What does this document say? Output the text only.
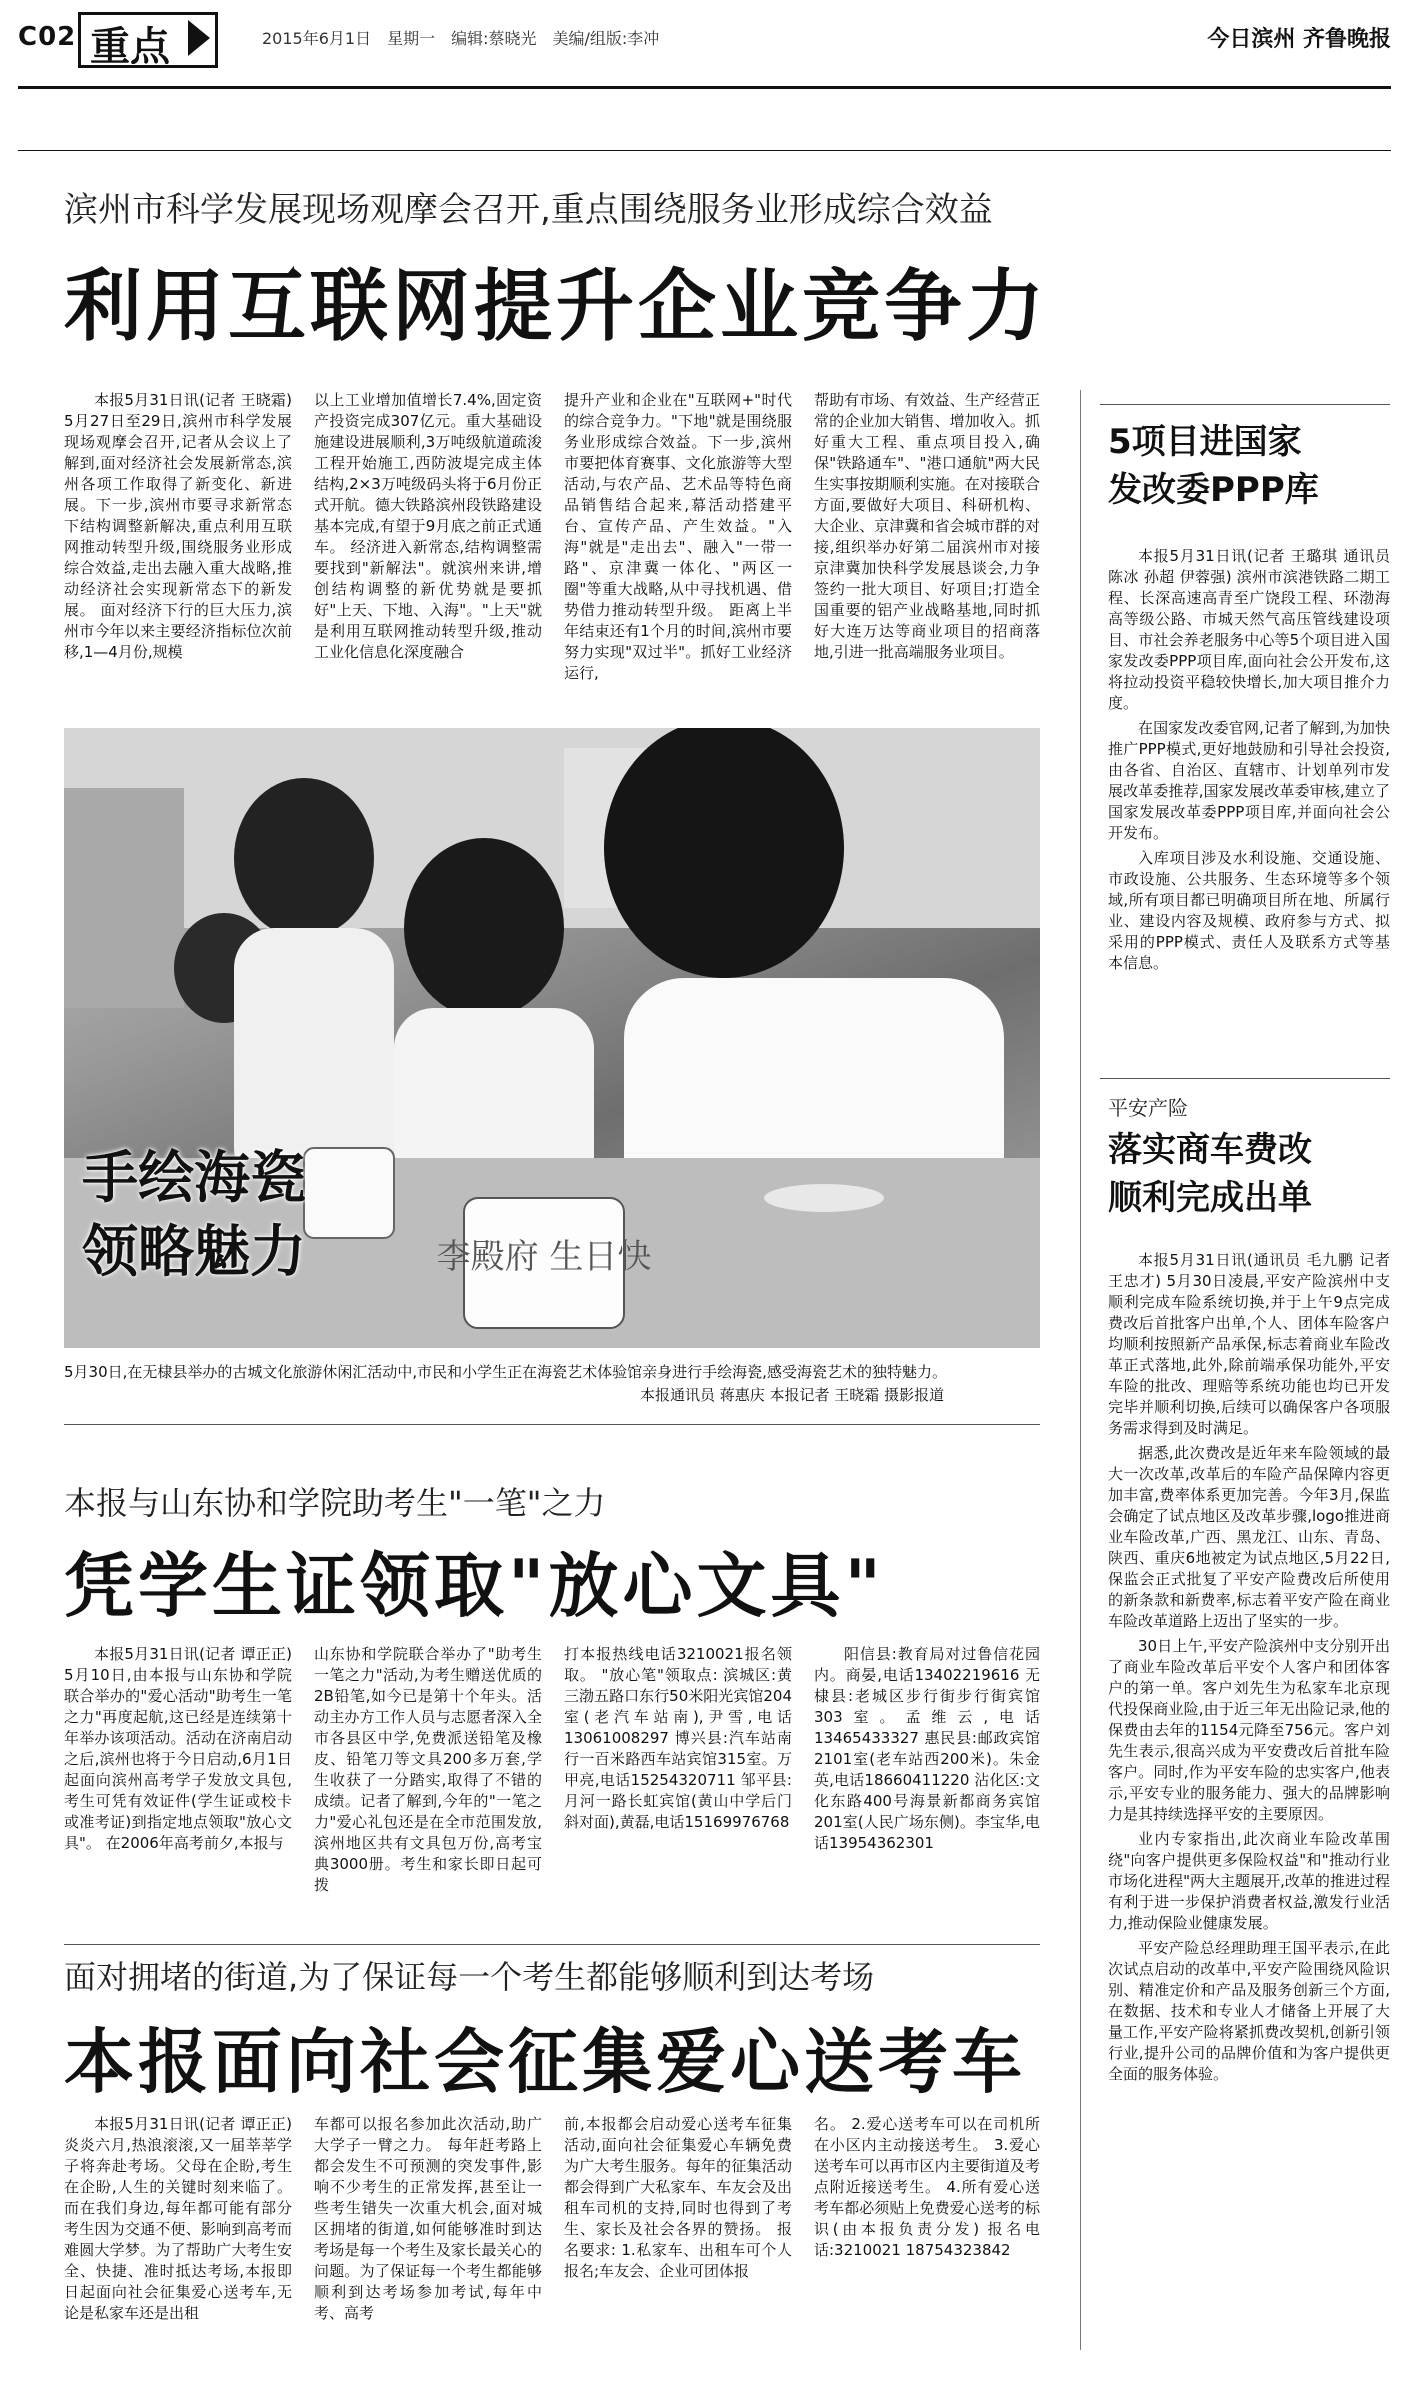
C02 重点	2015年6月1日　星期一　编辑:蔡晓光　美编/组版:李冲	今日滨州 齐鲁晚报
滨州市科学发展现场观摩会召开,重点围绕服务业形成综合效益
利用互联网提升企业竞争力

本报5月31日讯(记者 王晓霜) 5月27日至29日,滨州市科学发展现场观摩会召开,记者从会议上了解到,面对经济社会发展新常态,滨州各项工作取得了新变化、新进展。下一步,滨州市要寻求新常态下结构调整新解决,重点利用互联网推动转型升级,围绕服务业形成综合效益,走出去融入重大战略,推动经济社会实现新常态下的新发展。 面对经济下行的巨大压力,滨州市今年以来主要经济指标位次前移,1—4月份,规模

以上工业增加值增长7.4%,固定资产投资完成307亿元。重大基础设施建设进展顺利,3万吨级航道疏浚工程开始施工,西防波堤完成主体结构,2×3万吨级码头将于6月份正式开航。德大铁路滨州段铁路建设基本完成,有望于9月底之前正式通车。 经济进入新常态,结构调整需要找到"新解法"。就滨州来讲,增创结构调整的新优势就是要抓好"上天、下地、入海"。"上天"就是利用互联网推动转型升级,推动工业化信息化深度融合

提升产业和企业在"互联网+"时代的综合竞争力。"下地"就是围绕服务业形成综合效益。下一步,滨州市要把体育赛事、文化旅游等大型活动,与农产品、艺术品等特色商品销售结合起来,幕活动搭建平台、宣传产品、产生效益。"入海"就是"走出去"、融入"一带一路"、京津冀一体化、"两区一圈"等重大战略,从中寻找机遇、借势借力推动转型升级。 距离上半年结束还有1个月的时间,滨州市要努力实现"双过半"。抓好工业经济运行,

帮助有市场、有效益、生产经营正常的企业加大销售、增加收入。抓好重大工程、重点项目投入,确保"铁路通车"、"港口通航"两大民生实事按期顺利实施。在对接联合方面,要做好大项目、科研机构、大企业、京津冀和省会城市群的对接,组织举办好第二届滨州市对接京津冀加快科学发展恳谈会,力争签约一批大项目、好项目;打造全国重要的铝产业战略基地,同时抓好大连万达等商业项目的招商落地,引进一批高端服务业项目。

李殿府 生日快
手绘海瓷
领略魅力
5月30日,在无棣县举办的古城文化旅游休闲汇活动中,市民和小学生正在海瓷艺术体验馆亲身进行手绘海瓷,感受海瓷艺术的独特魅力。
本报通讯员 蒋惠庆 本报记者 王晓霜 摄影报道
5项目进国家
发改委PPP库

本报5月31日讯(记者 王璐琪 通讯员 陈冰 孙超 伊蓉强) 滨州市滨港铁路二期工程、长深高速高青至广饶段工程、环渤海高等级公路、市城天然气高压管线建设项目、市社会养老服务中心等5个项目进入国家发改委PPP项目库,面向社会公开发布,这将拉动投资平稳较快增长,加大项目推介力度。

在国家发改委官网,记者了解到,为加快推广PPP模式,更好地鼓励和引导社会投资,由各省、自治区、直辖市、计划单列市发展改革委推荐,国家发展改革委审核,建立了国家发展改革委PPP项目库,并面向社会公开发布。

入库项目涉及水利设施、交通设施、市政设施、公共服务、生态环境等多个领域,所有项目都已明确项目所在地、所属行业、建设内容及规模、政府参与方式、拟采用的PPP模式、责任人及联系方式等基本信息。

平安产险
落实商车费改
顺利完成出单

本报5月31日讯(通讯员 毛九鹏 记者 王忠才) 5月30日凌晨,平安产险滨州中支顺利完成车险系统切换,并于上午9点完成费改后首批客户出单,个人、团体车险客户均顺利按照新产品承保,标志着商业车险改革正式落地,此外,除前端承保功能外,平安车险的批改、理赔等系统功能也均已开发完毕并顺利切换,后续可以确保客户各项服务需求得到及时满足。

据悉,此次费改是近年来车险领域的最大一次改革,改革后的车险产品保障内容更加丰富,费率体系更加完善。今年3月,保监会确定了试点地区及改革步骤,logo推进商业车险改革,广西、黑龙江、山东、青岛、陕西、重庆6地被定为试点地区,5月22日,保监会正式批复了平安产险费改后所使用的新条款和新费率,标志着平安产险在商业车险改革道路上迈出了坚实的一步。

30日上午,平安产险滨州中支分别开出了商业车险改革后平安个人客户和团体客户的第一单。客户刘先生为私家车北京现代投保商业险,由于近三年无出险记录,他的保费由去年的1154元降至756元。客户刘先生表示,很高兴成为平安费改后首批车险客户。同时,作为平安车险的忠实客户,他表示,平安专业的服务能力、强大的品牌影响力是其持续选择平安的主要原因。

业内专家指出,此次商业车险改革围绕"向客户提供更多保险权益"和"推动行业市场化进程"两大主题展开,改革的推进过程有利于进一步保护消费者权益,激发行业活力,推动保险业健康发展。

平安产险总经理助理王国平表示,在此次试点启动的改革中,平安产险围绕风险识别、精准定价和产品及服务创新三个方面,在数据、技术和专业人才储备上开展了大量工作,平安产险将紧抓费改契机,创新引领行业,提升公司的品牌价值和为客户提供更全面的服务体验。

本报与山东协和学院助考生"一笔"之力
凭学生证领取"放心文具"

本报5月31日讯(记者 谭正正) 5月10日,由本报与山东协和学院联合举办的"爱心活动"助考生一笔之力"再度起航,这已经是连续第十年举办该项活动。活动在济南启动之后,滨州也将于今日启动,6月1日起面向滨州高考学子发放文具包,考生可凭有效证件(学生证或校卡或准考证)到指定地点领取"放心文具"。 在2006年高考前夕,本报与

山东协和学院联合举办了"助考生一笔之力"活动,为考生赠送优质的2B铅笔,如今已是第十个年头。活动主办方工作人员与志愿者深入全市各县区中学,免费派送铅笔及橡皮、铅笔刀等文具200多万套,学生收获了一分踏实,取得了不错的成绩。记者了解到,今年的"一笔之力"爱心礼包还是在全市范围发放,滨州地区共有文具包万份,高考宝典3000册。考生和家长即日起可拨

打本报热线电话3210021报名领取。 "放心笔"领取点: 滨城区:黄三渤五路口东行50米阳光宾馆204室(老汽车站南),尹雪,电话13061008297 博兴县:汽车站南行一百米路西车站宾馆315室。万甲亮,电话15254320711 邹平县:月河一路长虹宾馆(黄山中学后门斜对面),黄磊,电话15169976768

阳信县:教育局对过鲁信花园内。商晏,电话13402219616 无棣县:老城区步行街步行街宾馆303室。孟维云,电话13465433327 惠民县:邮政宾馆2101室(老车站西200米)。朱金英,电话18660411220 沾化区:文化东路400号海景新都商务宾馆201室(人民广场东侧)。李宝华,电话13954362301

面对拥堵的街道,为了保证每一个考生都能够顺利到达考场
本报面向社会征集爱心送考车

本报5月31日讯(记者 谭正正) 炎炎六月,热浪滚滚,又一届莘莘学子将奔赴考场。父母在企盼,考生在企盼,人生的关键时刻来临了。而在我们身边,每年都可能有部分考生因为交通不便、影响到高考而难圆大学梦。为了帮助广大考生安全、快捷、准时抵达考场,本报即日起面向社会征集爱心送考车,无论是私家车还是出租

车都可以报名参加此次活动,助广大学子一臂之力。 每年赶考路上都会发生不可预测的突发事件,影响不少考生的正常发挥,甚至让一些考生错失一次重大机会,面对城区拥堵的街道,如何能够准时到达考场是每一个考生及家长最关心的问题。为了保证每一个考生都能够顺利到达考场参加考试,每年中考、高考

前,本报都会启动爱心送考车征集活动,面向社会征集爱心车辆免费为广大考生服务。每年的征集活动都会得到广大私家车、车友会及出租车司机的支持,同时也得到了考生、家长及社会各界的赞扬。 报名要求: 1.私家车、出租车可个人报名;车友会、企业可团体报

名。 2.爱心送考车可以在司机所在小区内主动接送考生。 3.爱心送考车可以再市区内主要街道及考点附近接送考生。 4.所有爱心送考车都必须贴上免费爱心送考的标识(由本报负责分发) 报名电话:3210021 18754323842
